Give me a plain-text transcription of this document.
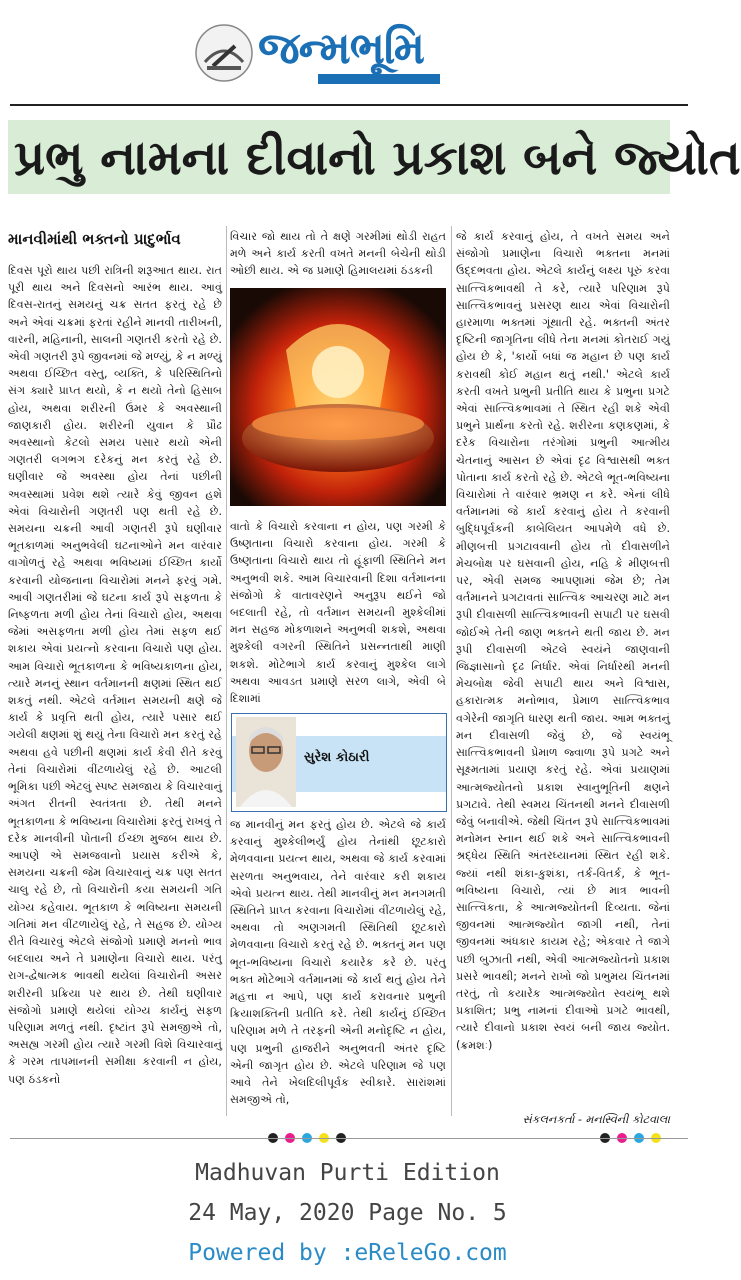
જન્મભૂમિ
પ્રભુ નામના દીવાનો પ્રકાશ બને જ્યોત
માનવીમાંથી ભક્તનો પ્રાદુર્ભાવ
દિવસ પૂરો થાય પછી રાત્રિની શરૂઆત થાય. રાત પૂરી થાય અને દિવસનો આરંભ થાય. આવું દિવસ-રાતનું સમયનું ચક્ર સતત ફરતું રહે છે અને એવાં ચક્રમાં ફરતાં રહીને માનવી તારીખની, વારની, મહિનાની, સાલની ગણતરી કરતો રહે છે. એવી ગણતરી રૂપે જીવનમાં જે મળ્યું, કે ન મળ્યું અથવા ઈચ્છિત વસ્તુ, વ્યક્તિ, કે પરિસ્થિતિનો સંગ ક્યારે પ્રાપ્ત થયો, કે ન થયો તેનો હિસાબ હોય, અથવા શરીરની ઉંમર કે અવસ્થાની જાણકારી હોય. શરીરની યુવાન કે પ્રૌઢ અવસ્થાનો કેટલો સમય પસાર થયો એની ગણતરી લગભગ દરેકનું મન કરતું રહે છે. ઘણીવાર જે અવસ્થા હોય તેનાં પછીની અવસ્થામાં પ્રવેશ થશે ત્યારે કેવું જીવન હશે એવાં વિચારોની ગણતરી પણ થતી રહે છે. સમયના ચક્રની આવી ગણતરી રૂપે ઘણીવાર ભૂતકાળમાં અનુભવેલી ઘટનાઓને મન વારંવાર વાગોળતું રહે અથવા ભવિષ્યમાં ઈચ્છિત કાર્યો કરવાની યોજનાના વિચારોમાં મનને ફરવું ગમે. આવી ગણતરીમાં જે ઘટના કાર્ય રૂપે સફળતા કે નિષ્ફળતા મળી હોય તેનાં વિચારો હોય, અથવા જેમાં અસફળતા મળી હોય તેમાં સફળ થઈ શકાય એવાં પ્રયત્નો કરવાના વિચારો પણ હોય. આમ વિચારો ભૂતકાળના કે ભવિષ્યકાળના હોય, ત્યારે મનનું સ્થાન વર્તમાનની ક્ષણમાં સ્થિત થઈ શકતું નથી. એટલે વર્તમાન સમયની ક્ષણે જે કાર્ય કે પ્રવૃત્તિ થતી હોય, ત્યારે પસાર થઈ ગયેલી ક્ષણમાં શું થયું તેના વિચારો મન કરતું રહે અથવા હવે પછીની ક્ષણમાં કાર્ય કેવી રીતે કરવું તેનાં વિચારોમાં વીંટળાયેલું રહે છે. આટલી ભૂમિકા પછી એટલું સ્પષ્ટ સમજાય કે વિચારવાનું અંગત રીતની સ્વતંત્રતા છે. તેથી મનને ભૂતકાળના કે ભવિષ્યના વિચારોમાં ફરતું રાખવું તે દરેક માનવીની પોતાની ઈચ્છા મુજબ થાય છે. આપણે એ સમજવાનો પ્રયાસ કરીએ કે, સમયના ચક્રની જેમ વિચારવાનું ચક્ર પણ સતત ચાલુ રહે છે, તો વિચારોની કયા સમયની ગતિ યોગ્ય કહેવાય. ભૂતકાળ કે ભવિષ્યના સમયની ગતિમાં મન વીંટળાયેલું રહે, તે સહજ છે. યોગ્ય રીતે વિચારવું એટલે સંજોગો પ્રમાણે મનનો ભાવ બદલાય અને તે પ્રમાણેના વિચારો થાય. પરંતુ રાગ-દ્વેષાત્મક ભાવથી થયેલાં વિચારોની અસર શરીરની પ્રક્રિયા પર થાય છે. તેથી ઘણીવાર સંજોગો પ્રમાણે થયેલાં યોગ્ય કાર્યનું સફળ પરિણામ મળતું નથી. દૃષ્ટાંત રૂપે સમજીએ તો, અસહ્ય ગરમી હોય ત્યારે ગરમી વિશે વિચારવાનું કે ગરમ તાપમાનની સમીક્ષા કરવાની ન હોય, પણ ઠંડકનો
વિચાર જો થાય તો તે ક્ષણે ગરમીમાં થોડી રાહત મળે અને કાર્ય કરતી વખતે મનની બેચેની થોડી ઓછી થાય. એ જ પ્રમાણે હિમાલયમાં ઠંડકની
વાતો કે વિચારો કરવાના ન હોય, પણ ગરમી કે ઉષ્ણતાના વિચારો કરવાના હોય. ગરમી કે ઉષ્ણતાના વિચારો થાય તો હૂંફાળી સ્થિતિને મન અનુભવી શકે. આમ વિચારવાની દિશા વર્તમાનના સંજોગો કે વાતાવરણને અનુરૂપ થઈને જો બદલાતી રહે, તો વર્તમાન સમયની મુશ્કેલીમાં મન સહજ મોકળાશને અનુભવી શકશે, અથવા મુશ્કેલી વગરની સ્થિતિને પ્રસન્નતાથી માણી શકશે. મોટેભાગે કાર્ય કરવાનું મુશ્કેલ લાગે અથવા આવડત પ્રમાણે સરળ લાગે, એવી બે દિશામાં
સુરેશ કોઠારી
જ માનવીનું મન ફરતું હોય છે. એટલે જે કાર્ય કરવાનું મુશ્કેલીભર્યું હોય તેનાંથી છૂટકારો મેળવવાના પ્રયત્ન થાય, અથવા જે કાર્ય કરવામાં સરળતા અનુભવાય, તેને વારંવાર કરી શકાય એવો પ્રયત્ન થાય. તેથી માનવીનું મન મનગમતી સ્થિતિને પ્રાપ્ત કરવાના વિચારોમાં વીંટળાયેલું રહે, અથવા તો અણગમતી સ્થિતિથી છૂટકારો મેળવવાના વિચારો કરતું રહે છે. ભક્તનું મન પણ ભૂત-ભવિષ્યના વિચારો કયારેક કરે છે. પરંતુ ભક્ત મોટેભાગે વર્તમાનમાં જે કાર્ય થતું હોય તેને મહત્તા ન આપે, પણ કાર્ય કરાવનાર પ્રભુની ક્રિયાશક્તિની પ્રતીતિ કરે. તેથી કાર્યનું ઈચ્છિત પરિણામ મળે તે તરફની એની મનોદૃષ્ટિ ન હોય, પણ પ્રભુની હાજરીને અનુભવતી અંતર દૃષ્ટિ એની જાગૃત હોય છે. એટલે પરિણામ જે પણ આવે તેને ખેલદિલીપૂર્વક સ્વીકારે. સારાંશમાં સમજીએ તો,
જે કાર્ય કરવાનું હોય, તે વખતે સમય અને સંજોગો પ્રમાણેના વિચારો ભક્તના મનમાં ઉદ્દભવતા હોય. એટલે કાર્યનું લક્ષ્ય પૂરું કરવા સાત્ત્વિકભાવથી તે કરે, ત્યારે પરિણામ રૂપે સાત્ત્વિકભાવનું પ્રસરણ થાય એવાં વિચારોની હારમાળા ભક્તમાં ગૂંથાતી રહે. ભક્તની અંતર દૃષ્ટિની જાગૃતિના લીધે તેના મનમાં કોતરાઈ ગયું હોય છે કે, 'કાર્યો બધાં જ મહાન છે પણ કાર્ય કરાવથી કોઈ મહાન થતું નથી.' એટલે કાર્ય કરતી વખતે પ્રભુની પ્રતીતિ થાય કે પ્રભુના પ્રગટે એવાં સાત્ત્વિકભાવમાં તે સ્થિત રહી શકે એવી પ્રભુને પ્રાર્થના કરતો રહે. શરીરના કણકણમાં, કે દરેક વિચારોના તરંગોમાં પ્રભુની આત્મીય ચેતનાનું આસન છે એવાં દૃઢ વિશ્વાસથી ભક્ત પોતાના કાર્ય કરતો રહે છે. એટલે ભૂત-ભવિષ્યના વિચારોમાં તે વારંવાર ભ્રમણ ન કરે. એનાં લીધે વર્તમાનમાં જે કાર્ય કરવાનું હોય તે કરવાની બુદ્ધિપૂર્વકની કાબેલિયત આપમેળે વધે છે. મીણબત્તી પ્રગટાવવાની હોય તો દીવાસળીને મેચબોક્ષ પર ઘસવાની હોય, નહિ કે મીણબત્તી પર, એવી સમજ આપણામાં જેમ છે; તેમ વર્તમાનને પ્રગટાવતાં સાત્ત્વિક આચરણ માટે મન રૂપી દીવાસળી સાત્ત્વિકભાવની સપાટી પર ઘસવી જોઈએ તેની જાણ ભક્તને થતી જાય છે. મન રૂપી દીવાસળી એટલે સ્વયંને જાણવાની જિજ્ઞાસાનો દૃઢ નિર્ધાર. એવાં નિર્ધારથી મનની મેચબોક્ષ જેવી સપાટી થાય અને વિશ્વાસ, હકારાત્મક મનોભાવ, પ્રેમાળ સાત્ત્વિકભાવ વગેરેની જાગૃતિ ધારણ થતી જાય. આમ ભક્તનું મન દીવાસળી જેવું છે, જે સ્વયંભૂ સાત્ત્વિકભાવની પ્રેમાળ જ્વાળા રૂપે પ્રગટે અને સૂક્ષ્મતામાં પ્રયાણ કરતું રહે. એવાં પ્રયાણમાં આત્મજ્યોતનો પ્રકાશ સ્વાનુભૂતિની ક્ષણને પ્રગટાવે. તેથી સ્વમય ચિંતનથી મનને દીવાસળી જેવું બનાવીએ. જેથી ચિંતન રૂપે સાત્ત્વિકભાવમાં મનોમન સ્નાન થઈ શકે અને સાત્ત્વિકભાવની શ્રદ્ધેય સ્થિતિ અંતરધ્યાનમાં સ્થિત રહી શકે. જ્યાં નથી શંકા-કુશંકા, તર્ક-વિતર્ક, કે ભૂત-ભવિષ્યના વિચારો, ત્યાં છે માત્ર ભાવની સાત્ત્વિકતા, કે આત્મજ્યોતની દિવ્યતા. જેનાં જીવનમાં આત્મજ્યોત જાગી નથી, તેનાં જીવનમાં અંધકાર કાયમ રહે; એકવાર તે જાગે પછી બુઝાતી નથી, એવી આત્મજ્યોતનો પ્રકાશ પ્રસરે ભાવથી; મનને રાખો જો પ્રભુમય ચિંતનમાં તરતું, તો કયારેક આત્મજ્યોત સ્વયંભૂ થશે પ્રકાશિત; પ્રભુ નામનાં દીવાઓ પ્રગટે ભાવથી, ત્યારે દીવાનો પ્રકાશ સ્વયં બની જાય જ્યોત. (ક્રમશઃ)
સંકલનકર્તા - મનસ્વિની કોટવાલા

Madhuvan Purti Edition
24 May, 2020 Page No. 5
Powered by :eReleGo.com
